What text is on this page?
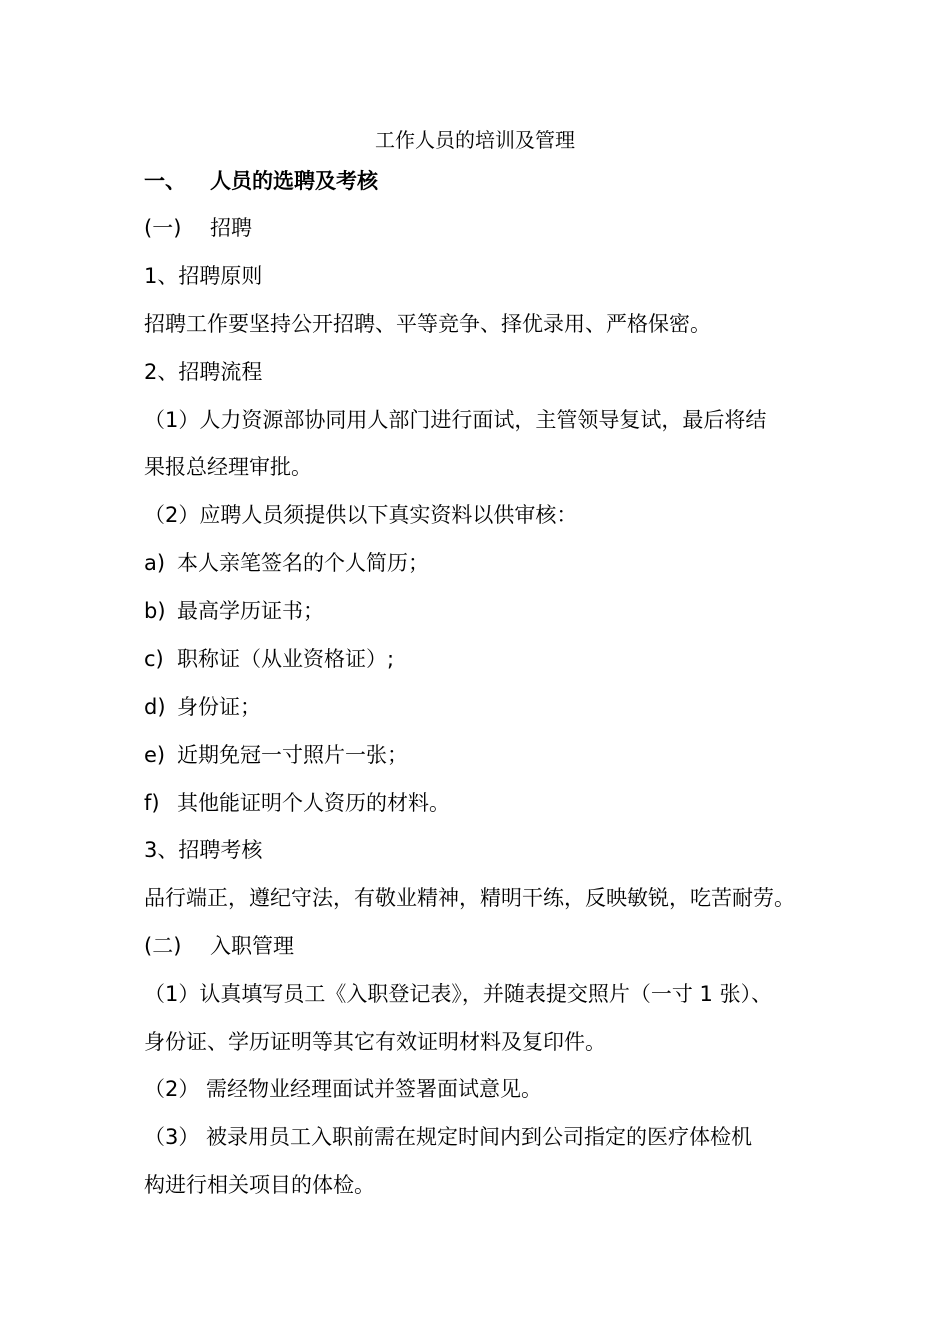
工作人员的培训及管理
一、 人员的选聘及考核
(一) 招聘
1、招聘原则
招聘工作要坚持公开招聘、平等竞争、择优录用、严格保密。
2、招聘流程
（1）人力资源部协同用人部门进行面试，主管领导复试，最后将结
果报总经理审批。
（2）应聘人员须提供以下真实资料以供审核：
a) 本人亲笔签名的个人简历；
b) 最高学历证书；
c) 职称证（从业资格证）;
d) 身份证；
e) 近期免冠一寸照片一张；
f) 其他能证明个人资历的材料。
3、招聘考核
品行端正，遵纪守法，有敬业精神，精明干练，反映敏锐，吃苦耐劳。
(二) 入职管理
（1）认真填写员工《入职登记表》，并随表提交照片（一寸 1 张）、
身份证、学历证明等其它有效证明材料及复印件。
（2） 需经物业经理面试并签署面试意见。
（3） 被录用员工入职前需在规定时间内到公司指定的医疗体检机
构进行相关项目的体检。
